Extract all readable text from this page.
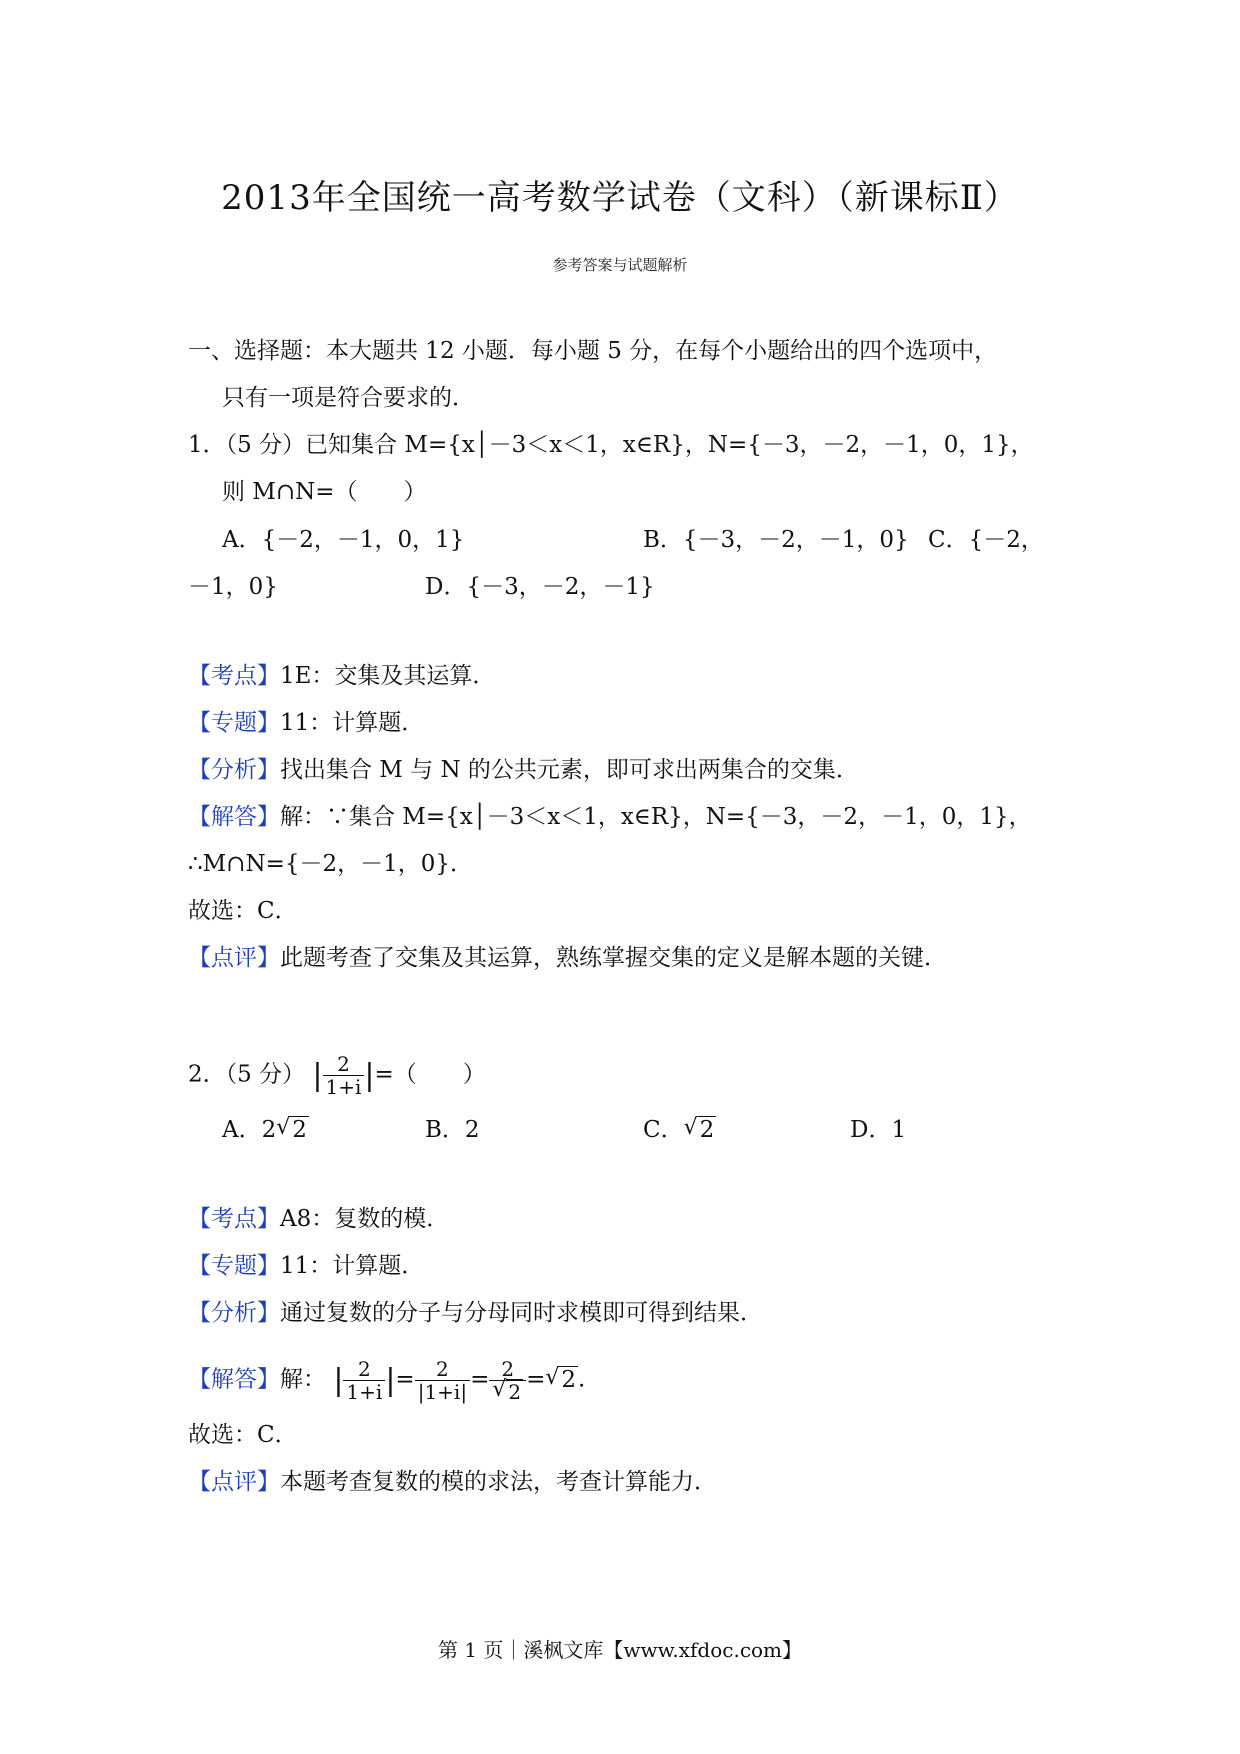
2013年全国统一高考数学试卷（文科）（新课标Ⅱ）
参考答案与试题解析
一、选择题：本大题共 12 小题．每小题 5 分，在每个小题给出的四个选项中，
只有一项是符合要求的．
1．（5 分）已知集合 M={x│－3＜x＜1，x∈R}，N={－3，－2，－1，0，1}，
则 M∩N=（　　）
A．{－2，－1，0，1}	B．{－3，－2，－1，0} C．{－2，
－1，0}	D．{－3，－2，－1}
【考点】1E：交集及其运算．
【专题】11：计算题．
【分析】找出集合 M 与 N 的公共元素，即可求出两集合的交集．
【解答】解：∵集合 M={x│－3＜x＜1，x∈R}，N={－3，－2，－1，0，1}，
∴M∩N={－2，－1，0}．
故选：C．
【点评】此题考查了交集及其运算，熟练掌握交集的定义是解本题的关键．
2．（5 分） | $\frac{2}{1+i}$ |=（　　）
A．2 √ 2	B．2	C． √ 2	D．1
【考点】A8：复数的模．
【专题】11：计算题．
【分析】通过复数的分子与分母同时求模即可得到结果．
【解答】解： | $\frac{2}{1+i}$ |= $\frac{2}{|1+i|} = \frac{2}{√ 2}$ = √ 2.
故选：C．
【点评】本题考查复数的模的求法，考查计算能力．
第 1 页｜溪枫文库【www.xfdoc.com】
